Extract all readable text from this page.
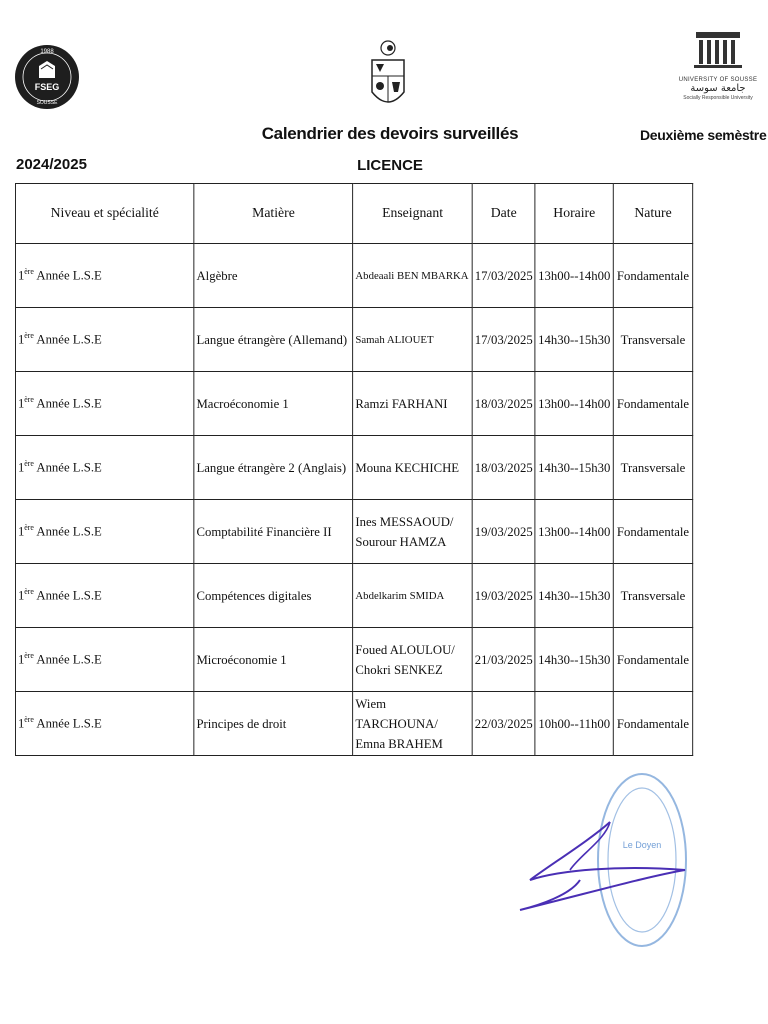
1988
FSEG
SOUSSE
UNIVERSITY OF SOUSSE
جامعة سوسة
Socially Responsible University
Calendrier des devoirs surveillés
LICENCE
Deuxième semèstre
2024/2025
Niveau et spécialité	Matière	Enseignant	Date	Horaire	Nature
1ère Année L.S.E	Algèbre	Abdeaali BEN MBARKA	17/03/2025	13h00--14h00	Fondamentale
1ère Année L.S.E	Langue étrangère (Allemand)	Samah ALIOUET	17/03/2025	14h30--15h30	Transversale
1ère Année L.S.E	Macroéconomie 1	Ramzi FARHANI	18/03/2025	13h00--14h00	Fondamentale
1ère Année L.S.E	Langue étrangère 2 (Anglais)	Mouna KECHICHE	18/03/2025	14h30--15h30	Transversale
1ère Année L.S.E	Comptabilité Financière II	Ines MESSAOUD/
Sourour HAMZA	19/03/2025	13h00--14h00	Fondamentale
1ère Année L.S.E	Compétences digitales	Abdelkarim SMIDA	19/03/2025	14h30--15h30	Transversale
1ère Année L.S.E	Microéconomie 1	Foued ALOULOU/
Chokri SENKEZ	21/03/2025	14h30--15h30	Fondamentale
1ère Année L.S.E	Principes de droit	Wiem TARCHOUNA/
Emna BRAHEM	22/03/2025	10h00--11h00	Fondamentale
Le Doyen
